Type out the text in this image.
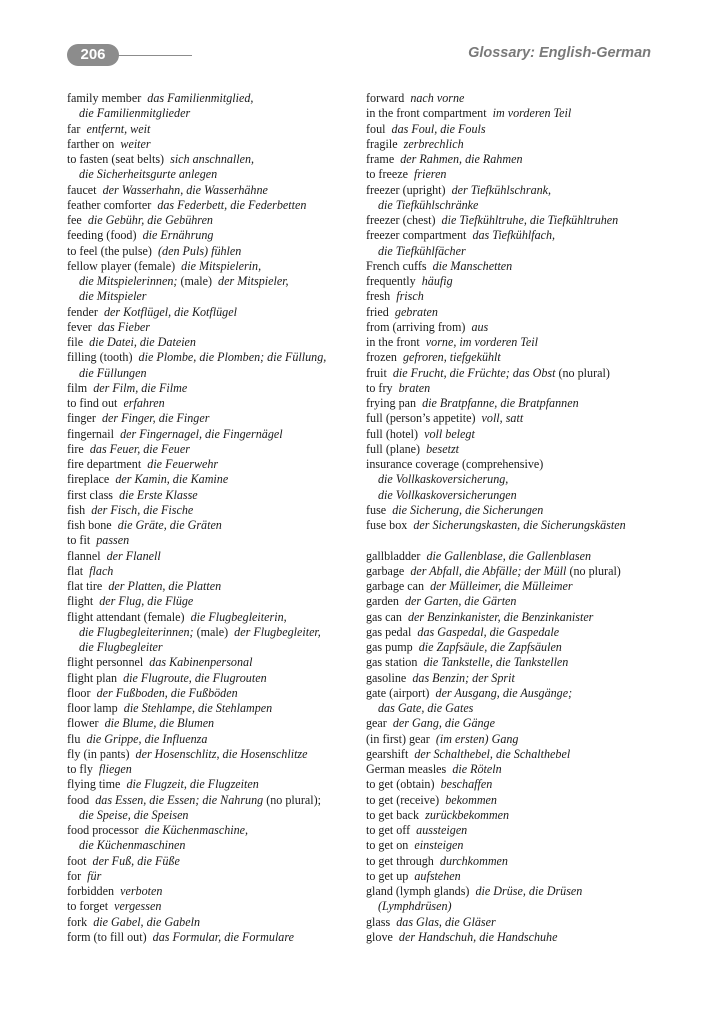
206	Glossary: English-German
family member das Familienmitglied,
die Familienmitglieder
far entfernt, weit
farther on weiter
to fasten (seat belts) sich anschnallen,
die Sicherheitsgurte anlegen
faucet der Wasserhahn, die Wasserhähne
feather comforter das Federbett, die Federbetten
fee die Gebühr, die Gebühren
feeding (food) die Ernährung
to feel (the pulse) (den Puls) fühlen
fellow player (female) die Mitspielerin,
die Mitspielerinnen; (male) der Mitspieler,
die Mitspieler
fender der Kotflügel, die Kotflügel
fever das Fieber
file die Datei, die Dateien
filling (tooth) die Plombe, die Plomben; die Füllung,
die Füllungen
film der Film, die Filme
to find out erfahren
finger der Finger, die Finger
fingernail der Fingernagel, die Fingernägel
fire das Feuer, die Feuer
fire department die Feuerwehr
fireplace der Kamin, die Kamine
first class die Erste Klasse
fish der Fisch, die Fische
fish bone die Gräte, die Gräten
to fit passen
flannel der Flanell
flat flach
flat tire der Platten, die Platten
flight der Flug, die Flüge
flight attendant (female) die Flugbegleiterin,
die Flugbegleiterinnen; (male) der Flugbegleiter,
die Flugbegleiter
flight personnel das Kabinenpersonal
flight plan die Flugroute, die Flugrouten
floor der Fußboden, die Fußböden
floor lamp die Stehlampe, die Stehlampen
flower die Blume, die Blumen
flu die Grippe, die Influenza
fly (in pants) der Hosenschlitz, die Hosenschlitze
to fly fliegen
flying time die Flugzeit, die Flugzeiten
food das Essen, die Essen; die Nahrung (no plural);
die Speise, die Speisen
food processor die Küchenmaschine,
die Küchenmaschinen
foot der Fuß, die Füße
for für
forbidden verboten
to forget vergessen
fork die Gabel, die Gabeln
form (to fill out) das Formular, die Formulare
forward nach vorne
in the front compartment im vorderen Teil
foul das Foul, die Fouls
fragile zerbrechlich
frame der Rahmen, die Rahmen
to freeze frieren
freezer (upright) der Tiefkühlschrank,
die Tiefkühlschränke
freezer (chest) die Tiefkühltruhe, die Tiefkühltruhen
freezer compartment das Tiefkühlfach,
die Tiefkühlfächer
French cuffs die Manschetten
frequently häufig
fresh frisch
fried gebraten
from (arriving from) aus
in the front vorne, im vorderen Teil
frozen gefroren, tiefgekühlt
fruit die Frucht, die Früchte; das Obst (no plural)
to fry braten
frying pan die Bratpfanne, die Bratpfannen
full (person’s appetite) voll, satt
full (hotel) voll belegt
full (plane) besetzt
insurance coverage (comprehensive)
die Vollkaskoversicherung,
die Vollkaskoversicherungen
fuse die Sicherung, die Sicherungen
fuse box der Sicherungskasten, die Sicherungskästen
gallbladder die Gallenblase, die Gallenblasen
garbage der Abfall, die Abfälle; der Müll (no plural)
garbage can der Mülleimer, die Mülleimer
garden der Garten, die Gärten
gas can der Benzinkanister, die Benzinkanister
gas pedal das Gaspedal, die Gaspedale
gas pump die Zapfsäule, die Zapfsäulen
gas station die Tankstelle, die Tankstellen
gasoline das Benzin; der Sprit
gate (airport) der Ausgang, die Ausgänge;
das Gate, die Gates
gear der Gang, die Gänge
(in first) gear (im ersten) Gang
gearshift der Schalthebel, die Schalthebel
German measles die Röteln
to get (obtain) beschaffen
to get (receive) bekommen
to get back zurückbekommen
to get off aussteigen
to get on einsteigen
to get through durchkommen
to get up aufstehen
gland (lymph glands) die Drüse, die Drüsen
(Lymphdrüsen)
glass das Glas, die Gläser
glove der Handschuh, die Handschuhe
